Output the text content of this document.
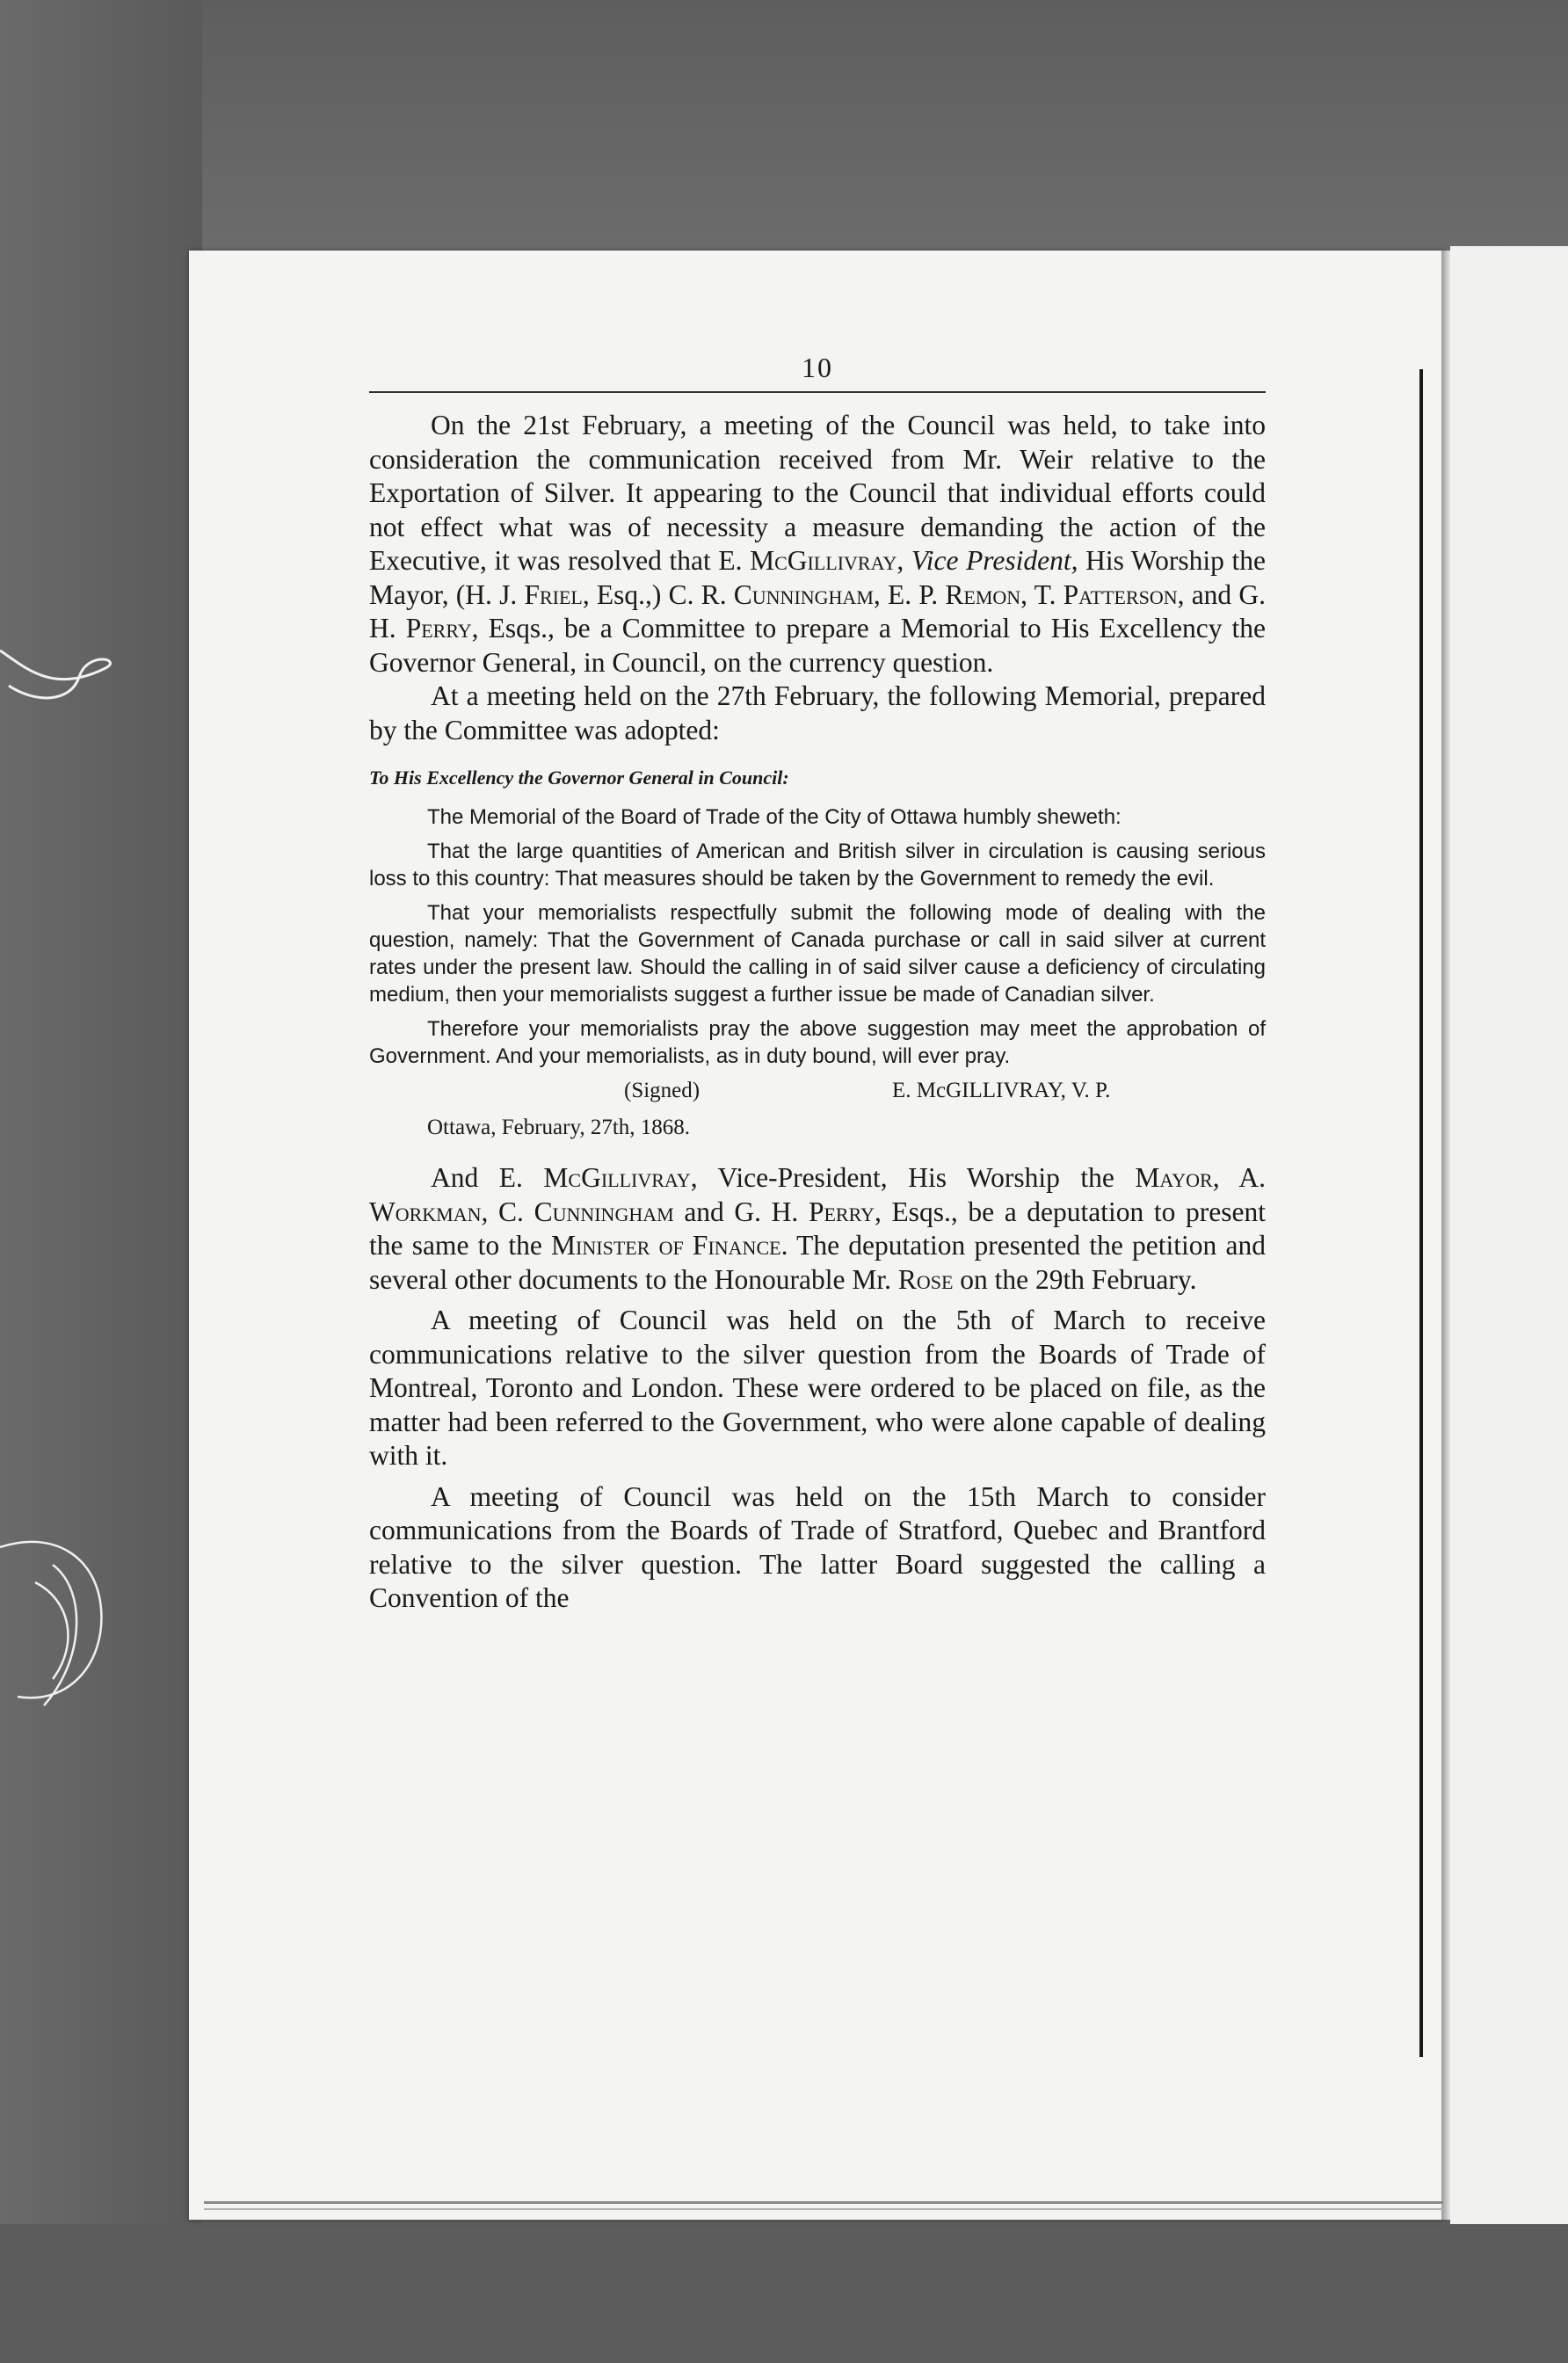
10

On the 21st February, a meeting of the Council was held, to take into consideration the communication received from Mr. Weir relative to the Exportation of Silver. It appearing to the Council that individual efforts could not effect what was of necessity a measure demanding the action of the Executive, it was resolved that E. McGillivray, Vice President, His Worship the Mayor, (H. J. Friel, Esq.,) C. R. Cunningham, E. P. Remon, T. Patterson, and G. H. Perry, Esqs., be a Committee to prepare a Memorial to His Excellency the Governor General, in Council, on the currency question.

At a meeting held on the 27th February, the following Memorial, prepared by the Committee was adopted:

To His Excellency the Governor General in Council:

The Memorial of the Board of Trade of the City of Ottawa humbly sheweth:

That the large quantities of American and British silver in circulation is causing serious loss to this country: That measures should be taken by the Government to remedy the evil.

That your memorialists respectfully submit the following mode of dealing with the question, namely: That the Government of Canada purchase or call in said silver at current rates under the present law. Should the calling in of said silver cause a deficiency of circulating medium, then your memorialists suggest a further issue be made of Canadian silver.

Therefore your memorialists pray the above suggestion may meet the approbation of Government. And your memorialists, as in duty bound, will ever pray.

(Signed)	E. McGILLIVRAY, V. P.
Ottawa, February, 27th, 1868.

And E. McGillivray, Vice-President, His Worship the Mayor, A. Workman, C. Cunningham and G. H. Perry, Esqs., be a deputation to present the same to the Minister of Finance. The deputation presented the petition and several other documents to the Honourable Mr. Rose on the 29th February.

A meeting of Council was held on the 5th of March to receive communications relative to the silver question from the Boards of Trade of Montreal, Toronto and London. These were ordered to be placed on file, as the matter had been referred to the Government, who were alone capable of dealing with it.

A meeting of Council was held on the 15th March to consider communications from the Boards of Trade of Stratford, Quebec and Brantford relative to the silver question. The latter Board suggested the calling a Convention of the
